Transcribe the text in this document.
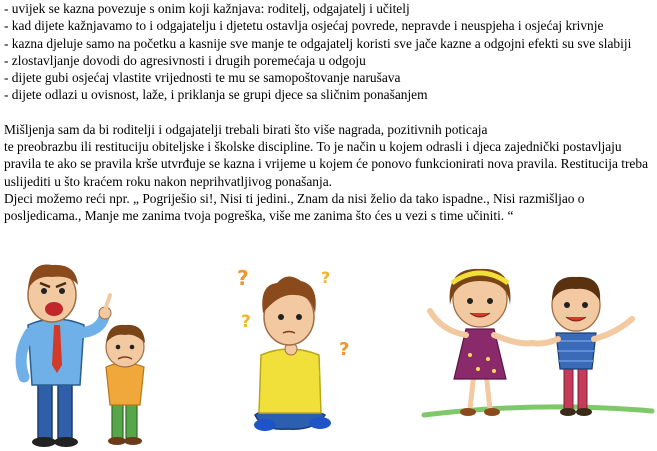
- uvijek se kazna povezuje s onim koji kažnjava: roditelj, odgajatelj i učitelj

- kad dijete kažnjavamo to i odgajatelju i djetetu ostavlja osjećaj povrede, nepravde i neuspjeha i osjećaj krivnje

- kazna djeluje samo na početku a kasnije sve manje te odgajatelj koristi sve jače kazne a odgojni efekti su sve slabiji

- zlostavljanje dovodi do agresivnosti i drugih poremećaja u odgoju

- dijete gubi osjećaj vlastite vrijednosti te mu se samopoštovanje narušava

- dijete odlazi u ovisnost, laže, i priklanja se grupi djece sa sličnim ponašanjem

Mišljenja sam da bi roditelji i odgajatelji trebali birati što više nagrada, pozitivnih poticaja

te preobrazbu ili restituciju obiteljske i školske discipline. To je način u kojem odrasli i djeca zajednički postavljaju pravila te ako se pravila krše utvrđuje se kazna i vrijeme u kojem će ponovo funkcionirati nova pravila. Restitucija treba uslijediti u što kraćem roku nakon neprihvatljivog ponašanja.

Djeci možemo reći npr. „ Pogriješio si!, Nisi ti jedini., Znam da nisi želio da tako ispadne., Nisi razmišljao o posljedicama., Manje me zanima tvoja pogreška, više me zanima što ćes u vezi s time učiniti. “

?	?
?
?
